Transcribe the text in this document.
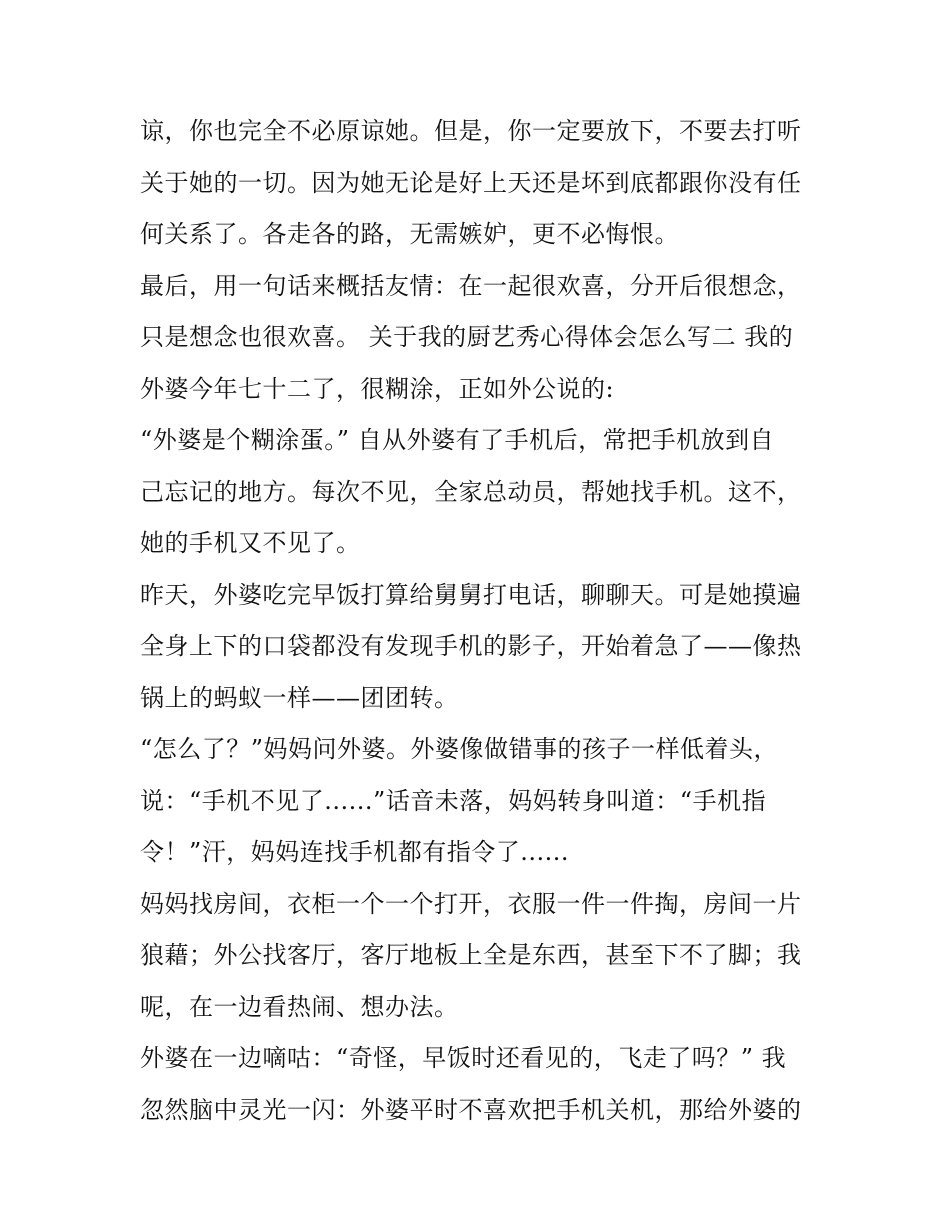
谅，你也完全不必原谅她。但是，你一定要放下，不要去打听
关于她的一切。因为她无论是好上天还是坏到底都跟你没有任
何关系了。各走各的路，无需嫉妒，更不必悔恨。
最后，用一句话来概括友情：在一起很欢喜，分开后很想念，
只是想念也很欢喜。 关于我的厨艺秀心得体会怎么写二 我的
外婆今年七十二了，很糊涂，正如外公说的:
“外婆是个糊涂蛋。” 自从外婆有了手机后，常把手机放到自
己忘记的地方。每次不见，全家总动员，帮她找手机。这不，
她的手机又不见了。
昨天，外婆吃完早饭打算给舅舅打电话，聊聊天。可是她摸遍
全身上下的口袋都没有发现手机的影子，开始着急了——像热
锅上的蚂蚁一样——团团转。
“怎么了？”妈妈问外婆。外婆像做错事的孩子一样低着头，
说：“手机不见了......”话音未落，妈妈转身叫道：“手机指
令！”汗，妈妈连找手机都有指令了......
妈妈找房间，衣柜一个一个打开，衣服一件一件掏，房间一片
狼藉；外公找客厅，客厅地板上全是东西，甚至下不了脚；我
呢，在一边看热闹、想办法。
外婆在一边嘀咕：“奇怪，早饭时还看见的，飞走了吗？” 我
忽然脑中灵光一闪：外婆平时不喜欢把手机关机，那给外婆的
